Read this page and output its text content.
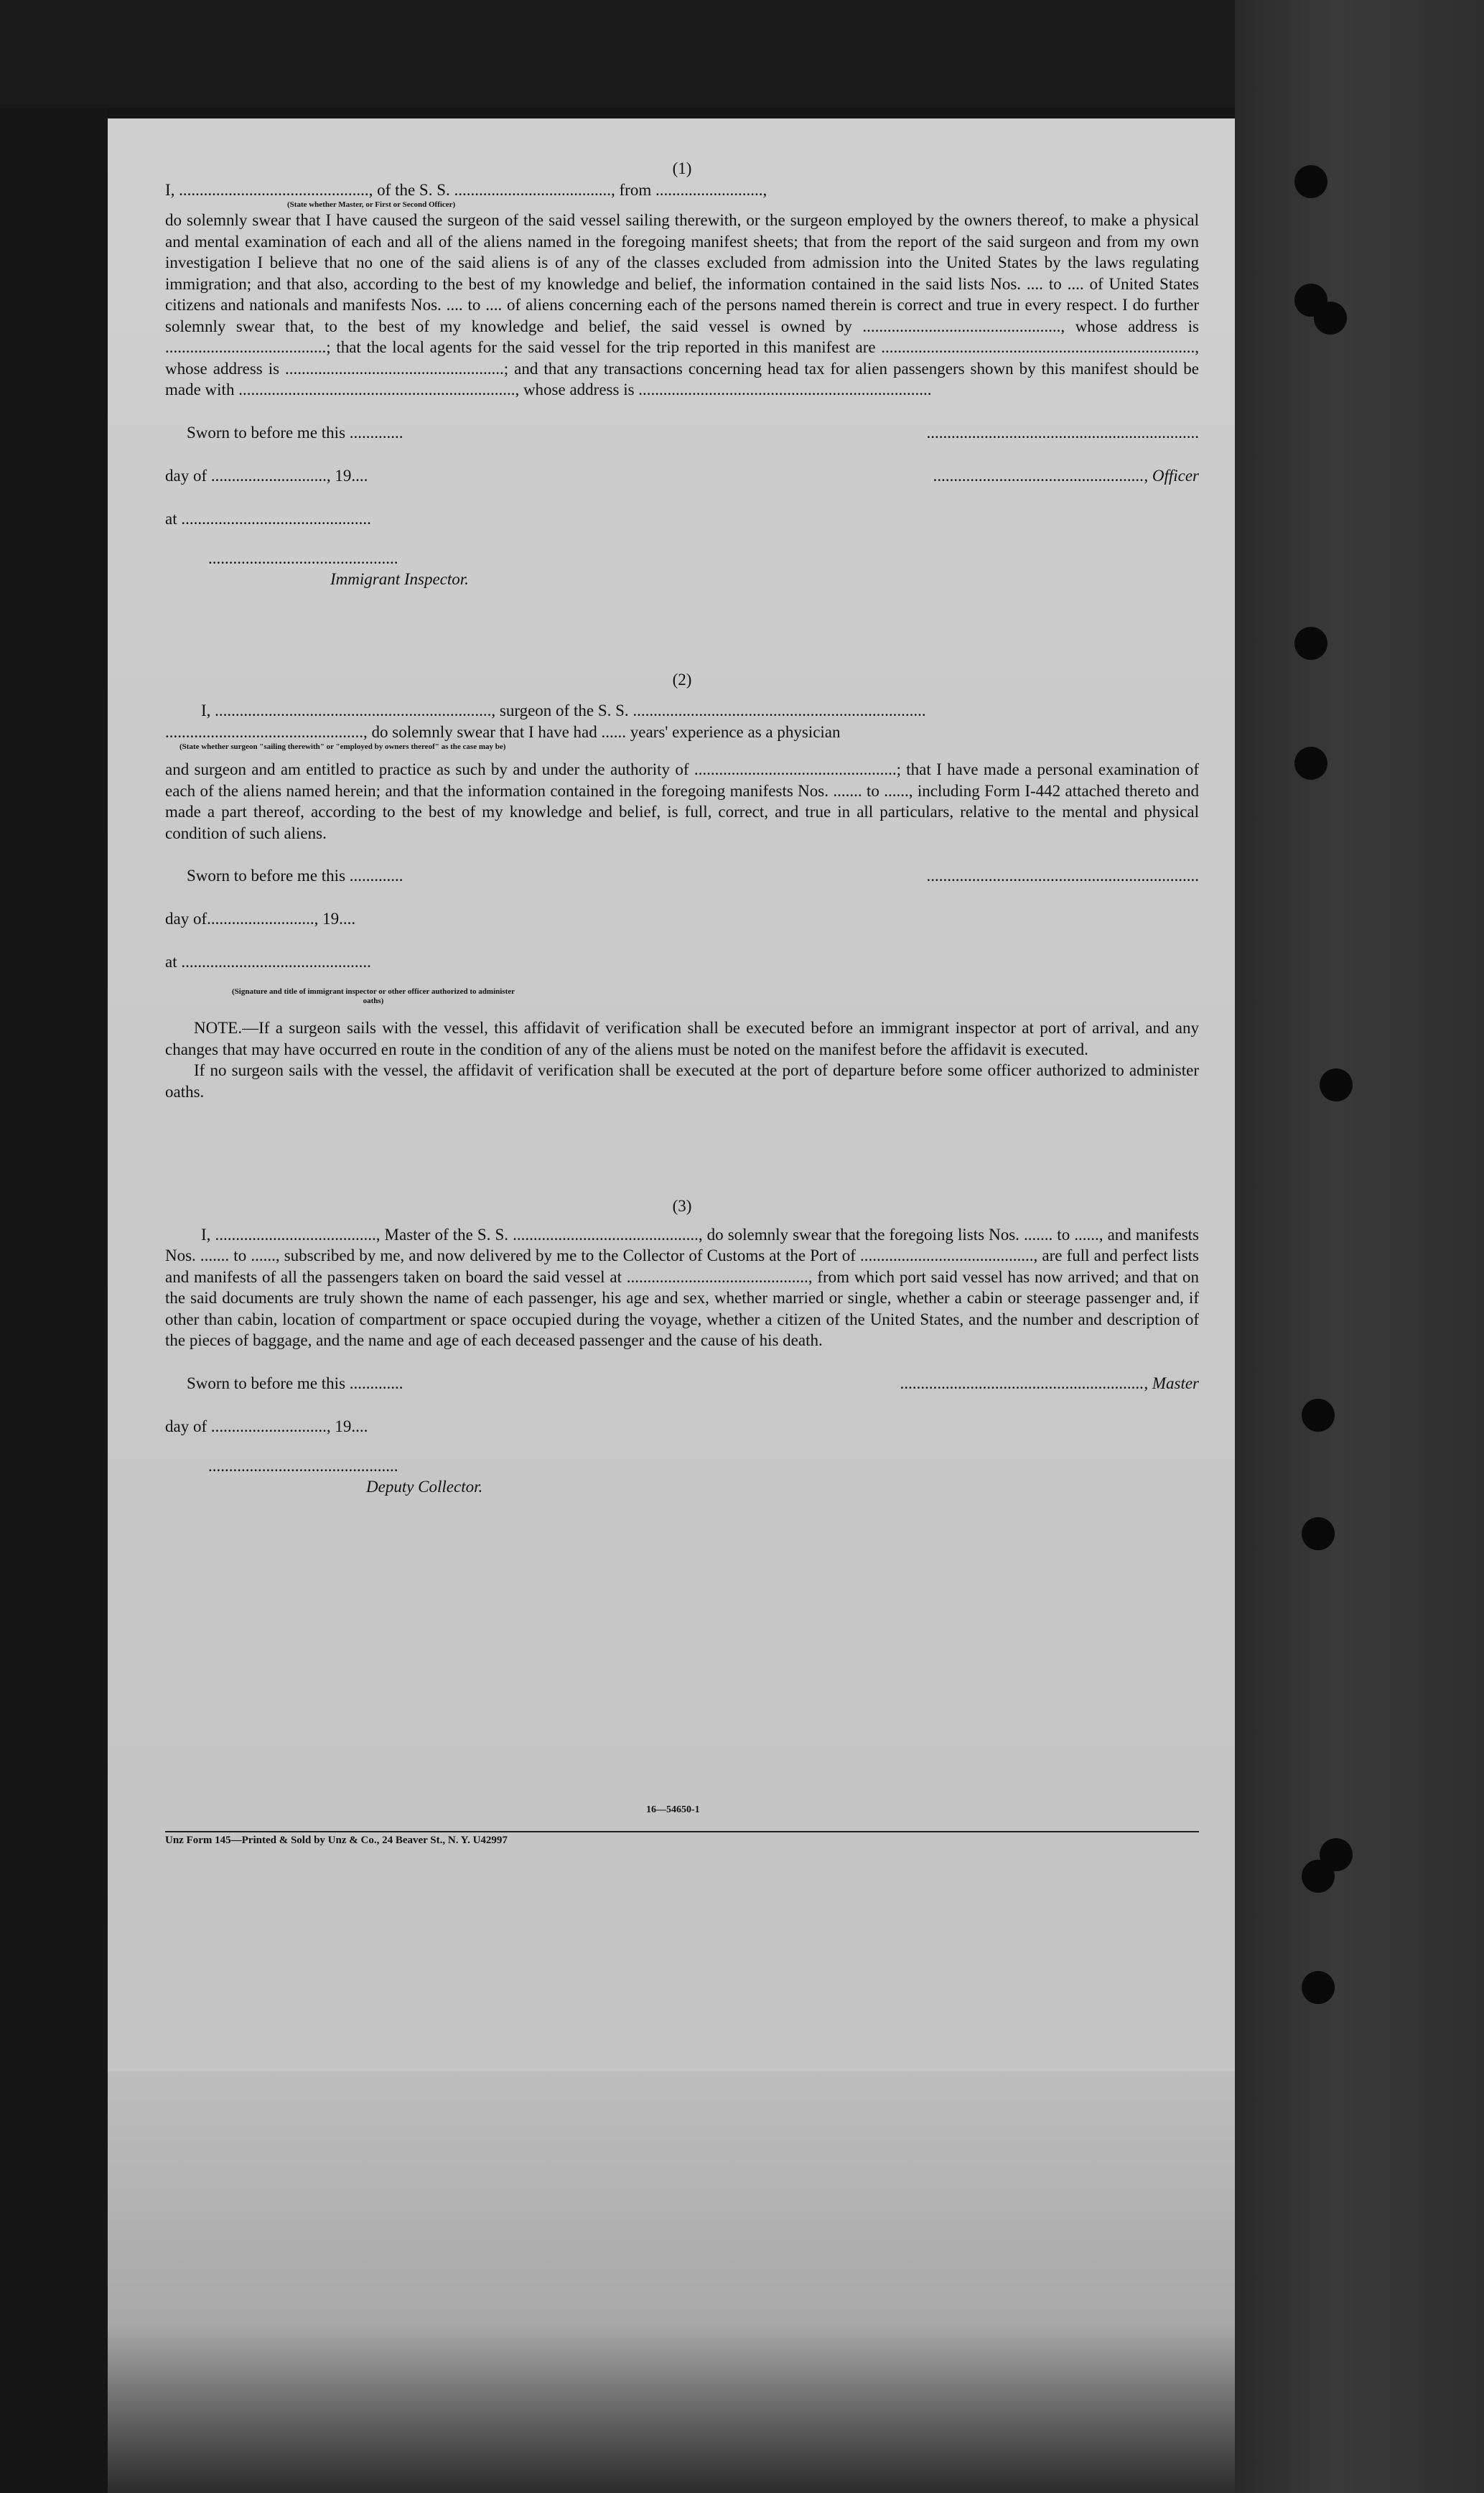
(1)

I, .............................................., of the S. S. ......................................, from ..........................,
(State whether Master, or First or Second Officer)
do solemnly swear that I have caused the surgeon of the said vessel sailing therewith, or the surgeon employed by the owners thereof, to make a physical and mental examination of each and all of the aliens named in the foregoing manifest sheets; that from the report of the said surgeon and from my own investigation I believe that no one of the said aliens is of any of the classes excluded from admission into the United States by the laws regulating immigration; and that also, according to the best of my knowledge and belief, the information contained in the said lists Nos. .... to .... of United States citizens and nationals and manifests Nos. .... to .... of aliens concerning each of the persons named therein is correct and true in every respect. I do further solemnly swear that, to the best of my knowledge and belief, the said vessel is owned by ................................................, whose address is .......................................; that the local agents for the said vessel for the trip reported in this manifest are ............................................................................, whose address is .....................................................; and that any transactions concerning head tax for alien passengers shown by this manifest should be made with ..................................................................., whose address is .......................................................................
Sworn to before me this .............	..................................................................
day of ............................, 19....	..................................................., Officer
at ..............................................
..............................................
Immigrant Inspector.

(2)

I, ..................................................................., surgeon of the S. S. .......................................................................
................................................, do solemnly swear that I have had ...... years' experience as a physician
(State whether surgeon "sailing therewith" or "employed by owners thereof" as the case may be)
and surgeon and am entitled to practice as such by and under the authority of .................................................; that I have made a personal examination of each of the aliens named herein; and that the information contained in the foregoing manifests Nos. ....... to ......, including Form I-442 attached thereto and made a part thereof, according to the best of my knowledge and belief, is full, correct, and true in all particulars, relative to the mental and physical condition of such aliens.
Sworn to before me this .............	..................................................................
day of.........................., 19....
at ..............................................
(Signature and title of immigrant inspector or other officer authorized to administer oaths)
NOTE.—If a surgeon sails with the vessel, this affidavit of verification shall be executed before an immigrant inspector at port of arrival, and any changes that may have occurred en route in the condition of any of the aliens must be noted on the manifest before the affidavit is executed.
If no surgeon sails with the vessel, the affidavit of verification shall be executed at the port of departure before some officer authorized to administer oaths.

(3)

I, ......................................., Master of the S. S. ............................................., do solemnly swear that the foregoing lists Nos. ....... to ......, and manifests Nos. ....... to ......, subscribed by me, and now delivered by me to the Collector of Customs at the Port of .........................................., are full and perfect lists and manifests of all the passengers taken on board the said vessel at ............................................, from which port said vessel has now arrived; and that on the said documents are truly shown the name of each passenger, his age and sex, whether married or single, whether a cabin or steerage passenger and, if other than cabin, location of compartment or space occupied during the voyage, whether a citizen of the United States, and the number and description of the pieces of baggage, and the name and age of each deceased passenger and the cause of his death.
Sworn to before me this .............	..........................................................., Master
day of ............................, 19....
..............................................
Deputy Collector.
16—54650-1
Unz Form 145—Printed & Sold by Unz & Co., 24 Beaver St., N. Y. U42997
